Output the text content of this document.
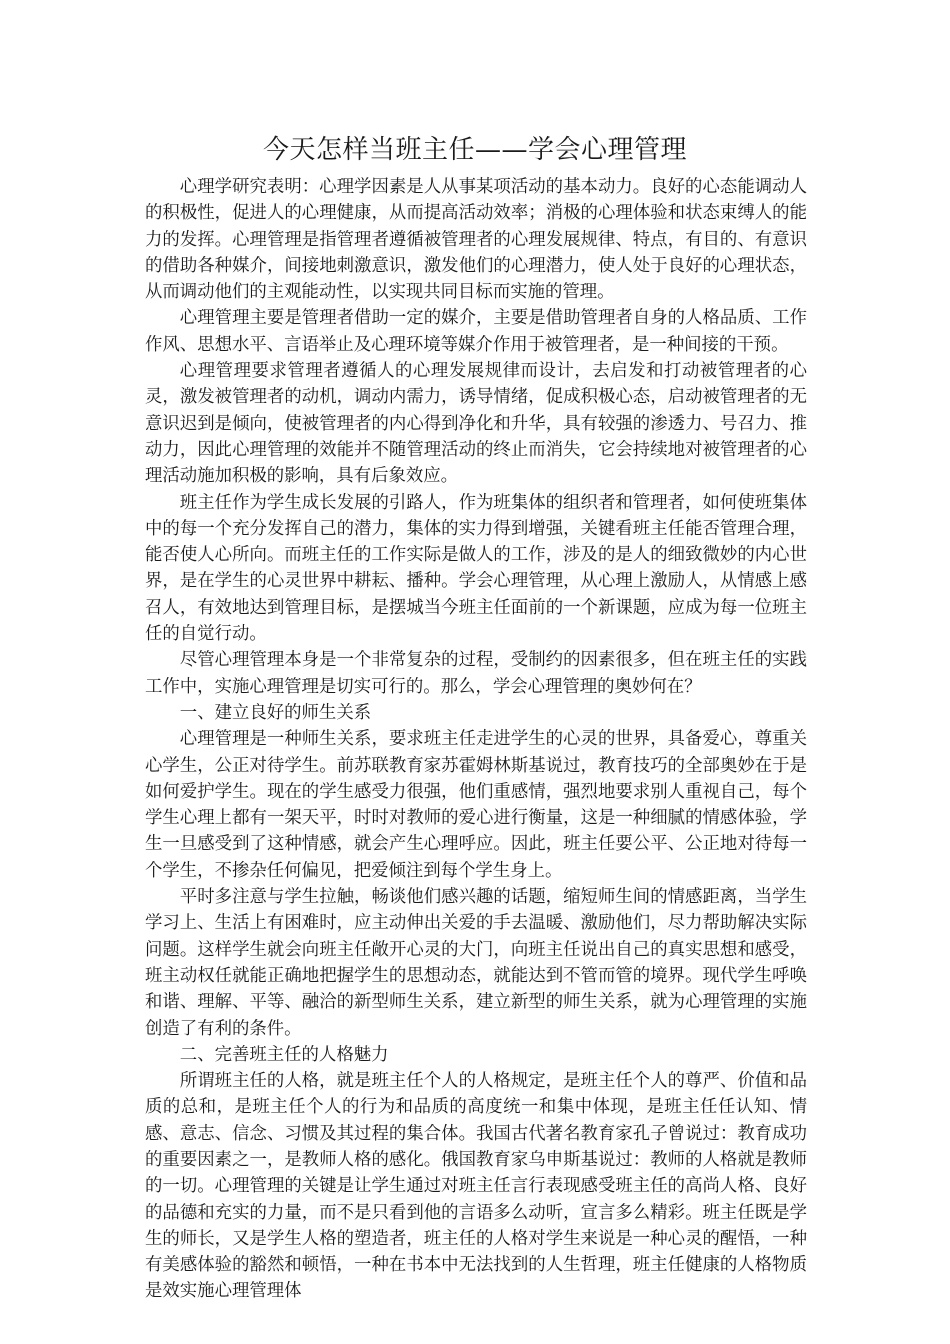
今天怎样当班主任——学会心理管理

心理学研究表明：心理学因素是人从事某项活动的基本动力。良好的心态能调动人的积极性，促进人的心理健康，从而提高活动效率；消极的心理体验和状态束缚人的能力的发挥。心理管理是指管理者遵循被管理者的心理发展规律、特点，有目的、有意识的借助各种媒介，间接地刺激意识，激发他们的心理潜力，使人处于良好的心理状态，从而调动他们的主观能动性，以实现共同目标而实施的管理。

心理管理主要是管理者借助一定的媒介，主要是借助管理者自身的人格品质、工作作风、思想水平、言语举止及心理环境等媒介作用于被管理者，是一种间接的干预。

心理管理要求管理者遵循人的心理发展规律而设计，去启发和打动被管理者的心灵，激发被管理者的动机，调动内需力，诱导情绪，促成积极心态，启动被管理者的无意识迟到是倾向，使被管理者的内心得到净化和升华，具有较强的渗透力、号召力、推动力，因此心理管理的效能并不随管理活动的终止而消失，它会持续地对被管理者的心理活动施加积极的影响，具有后象效应。

班主任作为学生成长发展的引路人，作为班集体的组织者和管理者，如何使班集体中的每一个充分发挥自己的潜力，集体的实力得到增强，关键看班主任能否管理合理，能否使人心所向。而班主任的工作实际是做人的工作，涉及的是人的细致微妙的内心世界，是在学生的心灵世界中耕耘、播种。学会心理管理，从心理上激励人，从情感上感召人，有效地达到管理目标，是摆城当今班主任面前的一个新课题，应成为每一位班主任的自觉行动。

尽管心理管理本身是一个非常复杂的过程，受制约的因素很多，但在班主任的实践工作中，实施心理管理是切实可行的。那么，学会心理管理的奥妙何在？

一、建立良好的师生关系

心理管理是一种师生关系，要求班主任走进学生的心灵的世界，具备爱心，尊重关心学生，公正对待学生。前苏联教育家苏霍姆林斯基说过，教育技巧的全部奥妙在于是如何爱护学生。现在的学生感受力很强，他们重感情，强烈地要求别人重视自己，每个学生心理上都有一架天平，时时对教师的爱心进行衡量，这是一种细腻的情感体验，学生一旦感受到了这种情感，就会产生心理呼应。因此，班主任要公平、公正地对待每一个学生，不掺杂任何偏见，把爱倾注到每个学生身上。

平时多注意与学生拉触，畅谈他们感兴趣的话题，缩短师生间的情感距离，当学生学习上、生活上有困难时，应主动伸出关爱的手去温暖、激励他们，尽力帮助解决实际问题。这样学生就会向班主任敞开心灵的大门，向班主任说出自己的真实思想和感受，班主动权任就能正确地把握学生的思想动态，就能达到不管而管的境界。现代学生呼唤和谐、理解、平等、融洽的新型师生关系，建立新型的师生关系，就为心理管理的实施创造了有利的条件。

二、完善班主任的人格魅力

所谓班主任的人格，就是班主任个人的人格规定，是班主任个人的尊严、价值和品质的总和，是班主任个人的行为和品质的高度统一和集中体现，是班主任任认知、情感、意志、信念、习惯及其过程的集合体。我国古代著名教育家孔子曾说过：教育成功的重要因素之一，是教师人格的感化。俄国教育家乌申斯基说过：教师的人格就是教师的一切。心理管理的关键是让学生通过对班主任言行表现感受班主任的高尚人格、良好的品德和充实的力量，而不是只看到他的言语多么动听，宣言多么精彩。班主任既是学生的师长，又是学生人格的塑造者，班主任的人格对学生来说是一种心灵的醒悟，一种有美感体验的豁然和顿悟，一种在书本中无法找到的人生哲理，班主任健康的人格物质是效实施心理管理体
